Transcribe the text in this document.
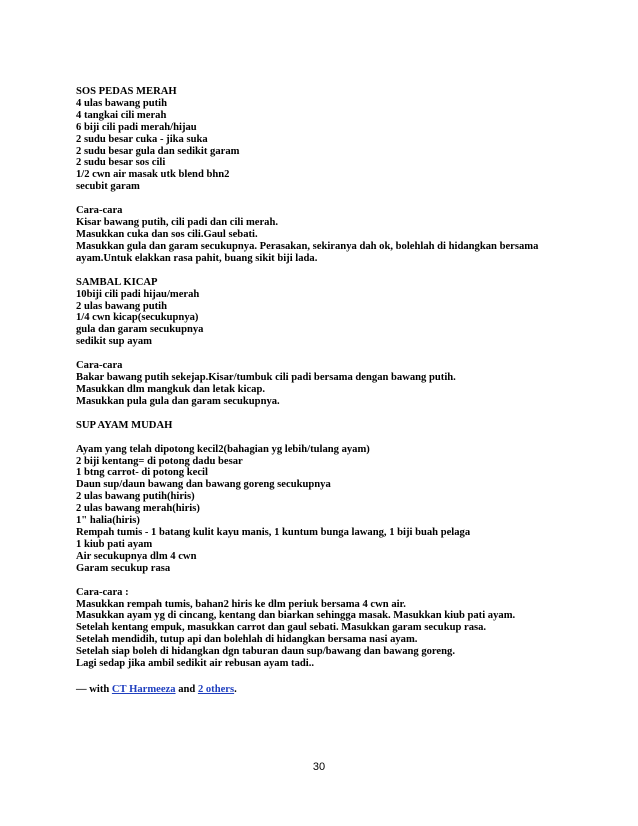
SOS PEDAS MERAH
4 ulas bawang putih
4 tangkai cili merah
6 biji cili padi merah/hijau
2 sudu besar cuka - jika suka
2 sudu besar gula dan sedikit garam
2 sudu besar sos cili
1/2 cwn air masak utk blend bhn2
secubit garam
Cara-cara
Kisar bawang putih, cili padi dan cili merah.
Masukkan cuka dan sos cili.Gaul sebati.
Masukkan gula dan garam secukupnya. Perasakan, sekiranya dah ok, bolehlah di hidangkan bersama
ayam.Untuk elakkan rasa pahit, buang sikit biji lada.
SAMBAL KICAP
10biji cili padi hijau/merah
2 ulas bawang putih
1/4 cwn kicap(secukupnya)
gula dan garam secukupnya
sedikit sup ayam
Cara-cara
Bakar bawang putih sekejap.Kisar/tumbuk cili padi bersama dengan bawang putih.
Masukkan dlm mangkuk dan letak kicap.
Masukkan pula gula dan garam secukupnya.
SUP AYAM MUDAH
Ayam yang telah dipotong kecil2(bahagian yg lebih/tulang ayam)
2 biji kentang= di potong dadu besar
1 btng carrot- di potong kecil
Daun sup/daun bawang dan bawang goreng secukupnya
2 ulas bawang putih(hiris)
2 ulas bawang merah(hiris)
1" halia(hiris)
Rempah tumis - 1 batang kulit kayu manis, 1 kuntum bunga lawang, 1 biji buah pelaga
1 kiub pati ayam
Air secukupnya dlm 4 cwn
Garam secukup rasa
Cara-cara :
Masukkan rempah tumis, bahan2 hiris ke dlm periuk bersama 4 cwn air.
Masukkan ayam yg di cincang, kentang dan biarkan sehingga masak. Masukkan kiub pati ayam.
Setelah kentang empuk, masukkan carrot dan gaul sebati. Masukkan garam secukup rasa.
Setelah mendidih, tutup api dan bolehlah di hidangkan bersama nasi ayam.
Setelah siap boleh di hidangkan dgn taburan daun sup/bawang dan bawang goreng.
Lagi sedap jika ambil sedikit air rebusan ayam tadi..
— with CT Harmeeza and 2 others.
30
